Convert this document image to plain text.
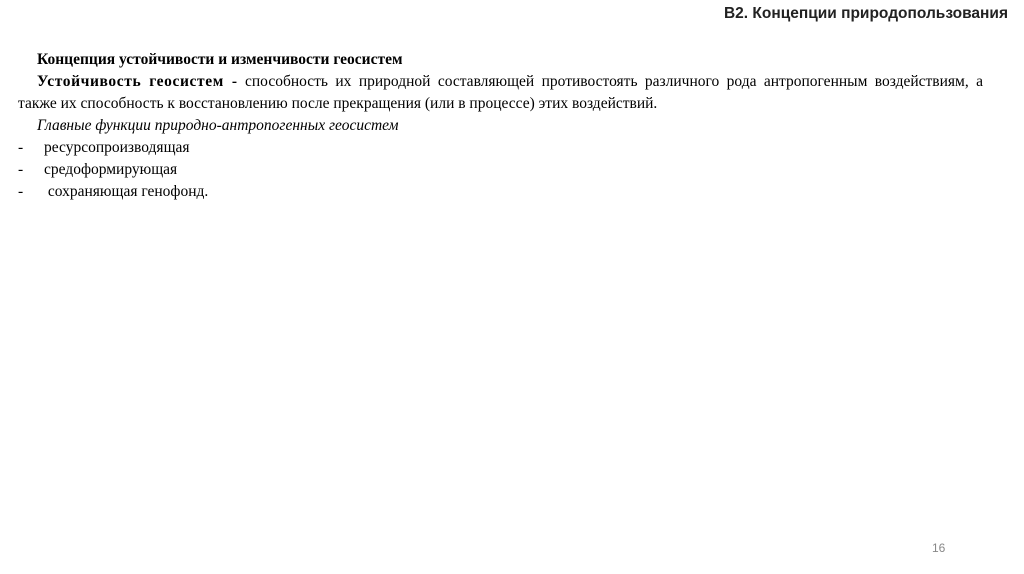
В2. Концепции природопользования
Концепция устойчивости и изменчивости геосистем
Устойчивость геосистем - способность их природной составляющей противостоять различного рода антропогенным воздействиям, а также их способность к восстановлению после прекращения (или в процессе) этих воздействий.
Главные функции природно-антропогенных геосистем
-	ресурсопроизводящая
-	средоформирующая
-	сохраняющая генофонд.
16
